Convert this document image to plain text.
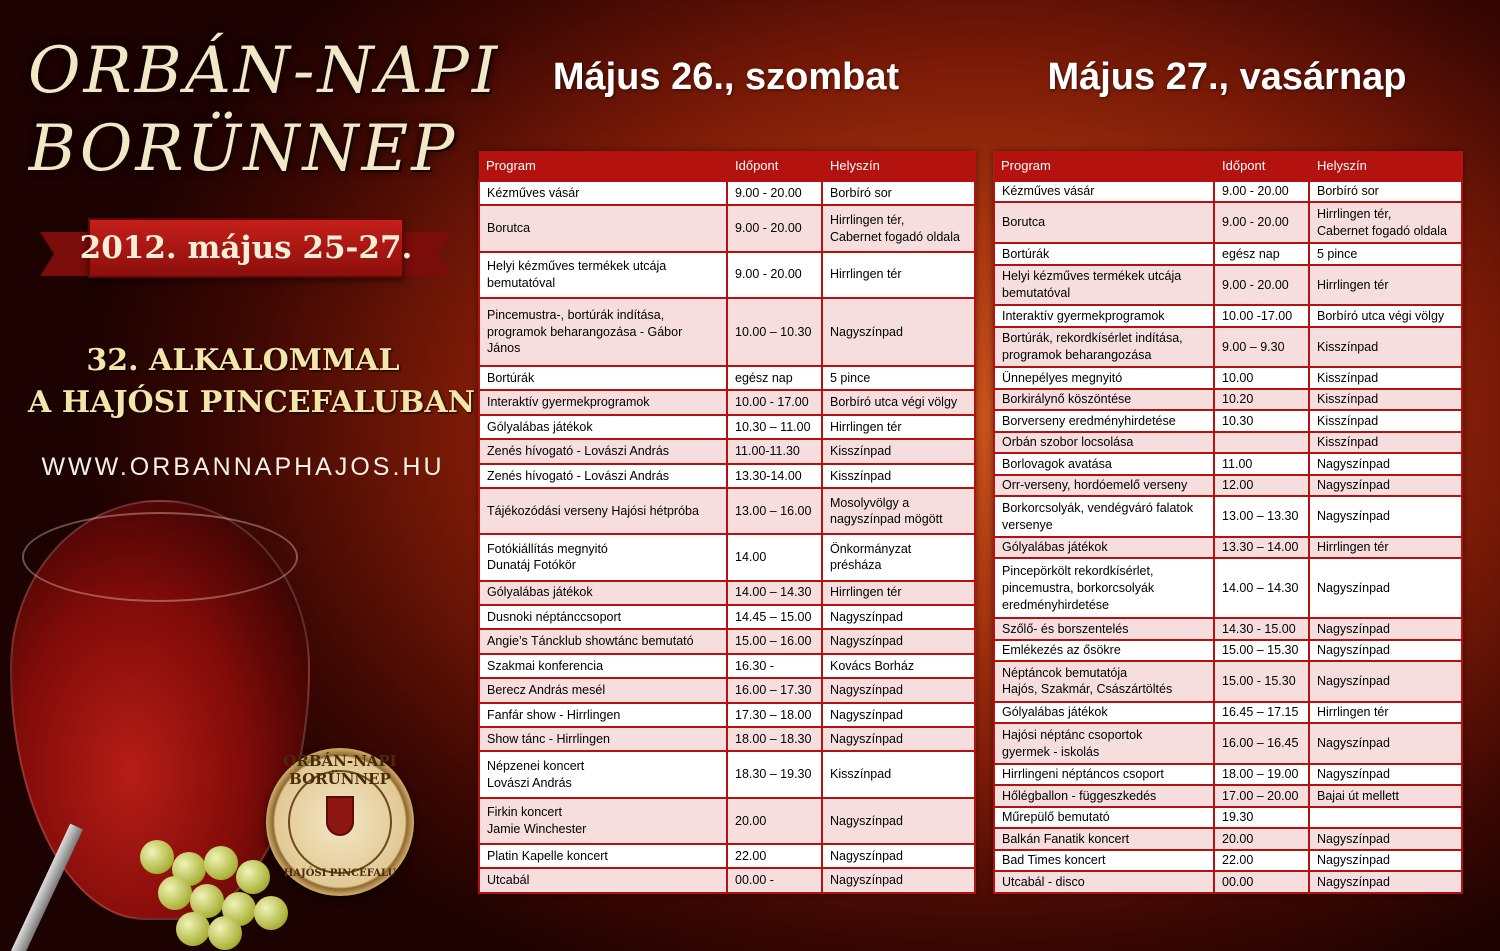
ORBÁN-NAPI BORÜNNEP
HAJÓSI PINCEFALU
ORBÁN-NAPI
BORÜNNEP
2012. május 25-27.
32. ALKALOMMAL
A HAJÓSI PINCEFALUBAN
WWW.ORBANNAPHAJOS.HU
Május 26., szombat	Május 27., vasárnap
Program	Időpont	Helyszín
Kézműves vásár	9.00 - 20.00	Borbíró sor
Borutca	9.00 - 20.00	Hirrlingen tér,
Cabernet fogadó oldala
Helyi kézműves termékek utcája
bemutatóval	9.00 - 20.00	Hirrlingen tér
Pincemustra-, bortúrák indítása,
programok beharangozása - Gábor János	10.00 – 10.30	Nagyszínpad
Bortúrák	egész nap	5 pince
Interaktív gyermekprogramok	10.00 - 17.00	Borbíró utca végi völgy
Gólyalábas játékok	10.30 – 11.00	Hirrlingen tér
Zenés hívogató - Lovászi András	11.00-11.30	Kisszínpad
Zenés hívogató - Lovászi András	13.30-14.00	Kisszínpad
Tájékozódási verseny Hajósi hétpróba	13.00 – 16.00	Mosolyvölgy a
nagyszínpad mögött
Fotókiállítás megnyitó
Dunatáj Fotókör	14.00	Önkormányzat
présháza
Gólyalábas játékok	14.00 – 14.30	Hirrlingen tér
Dusnoki néptánccsoport	14.45 – 15.00	Nagyszínpad
Angie’s Táncklub showtánc bemutató	15.00 – 16.00	Nagyszínpad
Szakmai konferencia	16.30 -	Kovács Borház
Berecz András mesél	16.00 – 17.30	Nagyszínpad
Fanfár show - Hirrlingen	17.30 – 18.00	Nagyszínpad
Show tánc - Hirrlingen	18.00 – 18.30	Nagyszínpad
Népzenei koncert
Lovászi András	18.30 – 19.30	Kisszínpad
Firkin koncert
Jamie Winchester	20.00	Nagyszínpad
Platin Kapelle koncert	22.00	Nagyszínpad
Utcabál	00.00 -	Nagyszínpad
Program	Időpont	Helyszín
Kézműves vásár	9.00 - 20.00	Borbíró sor
Borutca	9.00 - 20.00	Hirrlingen tér,
Cabernet fogadó oldala
Bortúrák	egész nap	5 pince
Helyi kézműves termékek utcája
bemutatóval	9.00 - 20.00	Hirrlingen tér
Interaktív gyermekprogramok	10.00 -17.00	Borbíró utca végi völgy
Bortúrák, rekordkísérlet indítása,
programok beharangozása	9.00 – 9.30	Kisszínpad
Ünnepélyes megnyitó	10.00	Kisszínpad
Borkirálynő köszöntése	10.20	Kisszínpad
Borverseny eredményhirdetése	10.30	Kisszínpad
Orbán szobor locsolása		Kisszínpad
Borlovagok avatása	11.00	Nagyszínpad
Orr-verseny, hordóemelő verseny	12.00	Nagyszínpad
Borkorcsolyák, vendégváró falatok
versenye	13.00 – 13.30	Nagyszínpad
Gólyalábas játékok	13.30 – 14.00	Hirrlingen tér
Pincepörkölt rekordkísérlet,
pincemustra, borkorcsolyák
eredményhirdetése	14.00 – 14.30	Nagyszínpad
Szőlő- és borszentelés	14.30 - 15.00	Nagyszínpad
Emlékezés az ősökre	15.00 – 15.30	Nagyszínpad
Néptáncok bemutatója
Hajós, Szakmár, Császártöltés	15.00 - 15.30	Nagyszínpad
Gólyalábas játékok	16.45 – 17.15	Hirrlingen tér
Hajósi néptánc csoportok
gyermek - iskolás	16.00 – 16.45	Nagyszínpad
Hirrlingeni néptáncos csoport	18.00 – 19.00	Nagyszínpad
Hőlégballon - függeszkedés	17.00 – 20.00	Bajai út mellett
Műrepülő bemutató	19.30	
Balkán Fanatik koncert	20.00	Nagyszínpad
Bad Times koncert	22.00	Nagyszínpad
Utcabál - disco	00.00	Nagyszínpad
